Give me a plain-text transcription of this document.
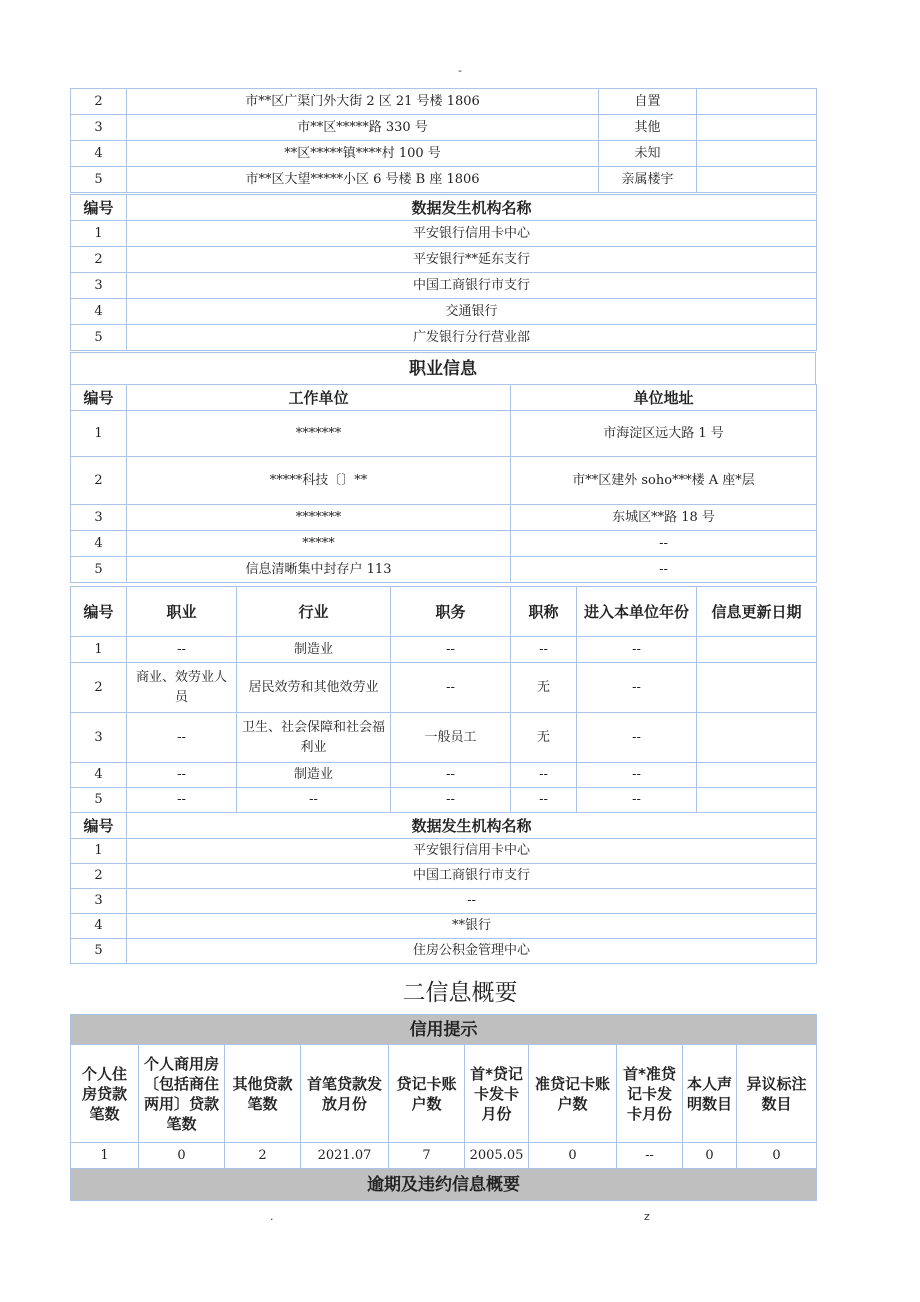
-
2	市**区广渠门外大街 2 区 21 号楼 1806	自置	
3	市**区*****路 330 号	其他	
4	**区*****镇****村 100 号	未知	
5	市**区大望*****小区 6 号楼 B 座 1806	亲属楼宇	
编号	数据发生机构名称
1	平安银行信用卡中心
2	平安银行**延东支行
3	中国工商银行市支行
4	交通银行
5	广发银行分行营业部
职业信息
编号	工作单位	单位地址
1	*******	市海淀区远大路 1 号
2	*****科技〔〕**	市**区建外 soho***楼 A 座*层
3	*******	东城区**路 18 号
4	*****	--
5	信息清晰集中封存户 113	--
编号	职业	行业	职务	职称	进入本单位年份	信息更新日期
1	--	制造业	--	--	--	
2	商业、效劳业人员	居民效劳和其他效劳业	--	无	--	
3	--	卫生、社会保障和社会福利业	一般员工	无	--	
4	--	制造业	--	--	--	
5	--	--	--	--	--	
编号	数据发生机构名称
1	平安银行信用卡中心
2	中国工商银行市支行
3	--
4	**银行
5	住房公积金管理中心
二信息概要
信用提示									
个人住房贷款笔数	个人商用房〔包括商住两用〕贷款笔数	其他贷款笔数	首笔贷款发放月份	贷记卡账户数	首*贷记卡发卡月份	准贷记卡账户数	首*准贷记卡发卡月份	本人声明数目	异议标注数目
1	0	2	2021.07	7	2005.05	0	--	0	0
逾期及违约信息概要									
.	z
